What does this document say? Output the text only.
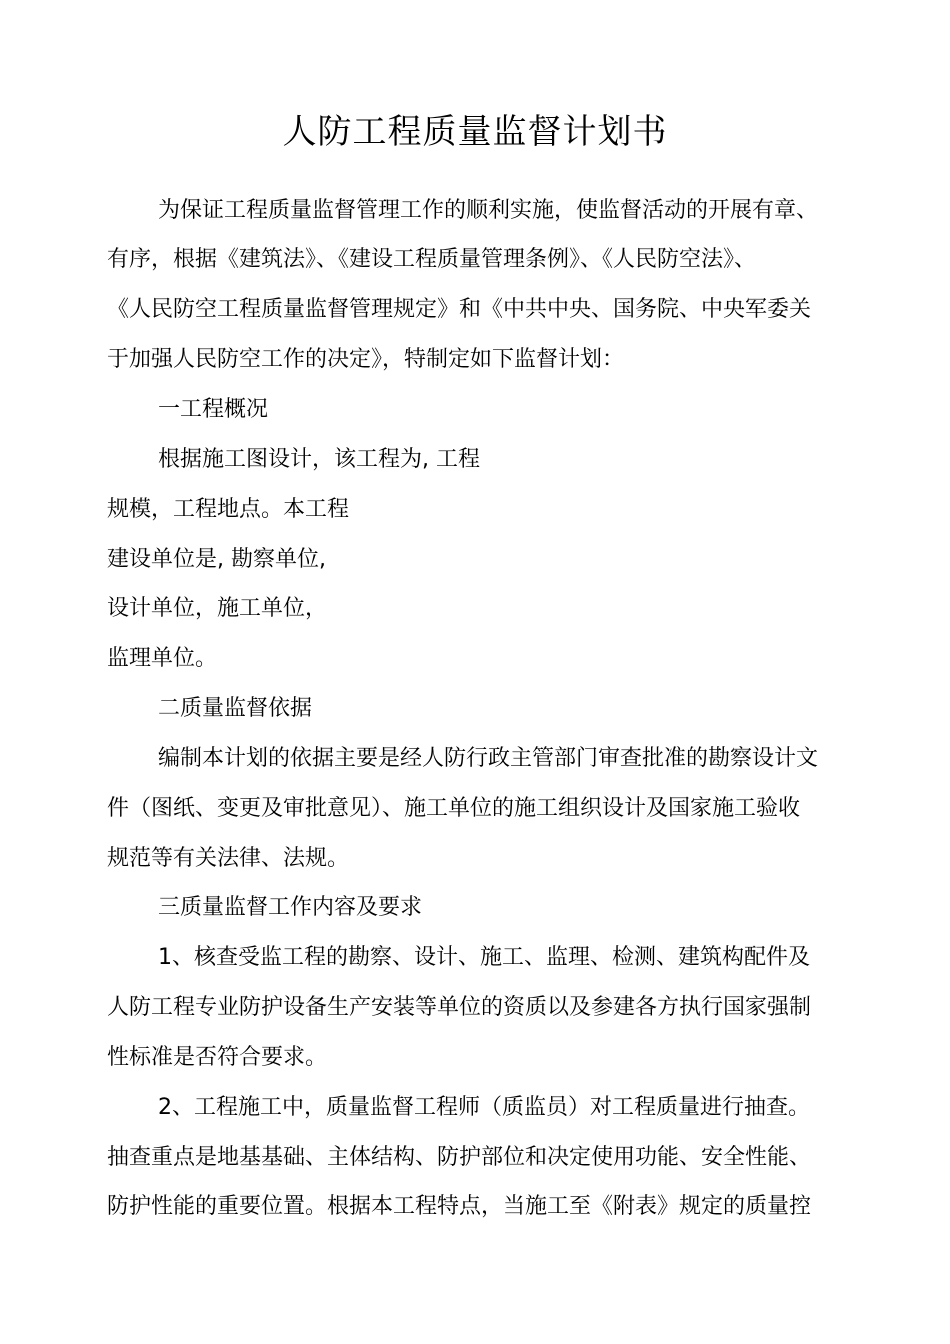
人防工程质量监督计划书
为保证工程质量监督管理工作的顺利实施，使监督活动的开展有章、
有序，根据《建筑法》、《建设工程质量管理条例》、《人民防空法》、
《人民防空工程质量监督管理规定》和《中共中央、国务院、中央军委关
于加强人民防空工作的决定》，特制定如下监督计划：
一工程概况
根据施工图设计，该工程为, 工程
规模，工程地点。本工程
建设单位是, 勘察单位,
设计单位，施工单位，
监理单位。
二质量监督依据
编制本计划的依据主要是经人防行政主管部门审查批准的勘察设计文
件（图纸、变更及审批意见）、施工单位的施工组织设计及国家施工验收
规范等有关法律、法规。
三质量监督工作内容及要求
1、核查受监工程的勘察、设计、施工、监理、检测、建筑构配件及
人防工程专业防护设备生产安装等单位的资质以及参建各方执行国家强制
性标准是否符合要求。
2、工程施工中，质量监督工程师（质监员）对工程质量进行抽查。
抽查重点是地基基础、主体结构、防护部位和决定使用功能、安全性能、
防护性能的重要位置。根据本工程特点，当施工至《附表》规定的质量控
